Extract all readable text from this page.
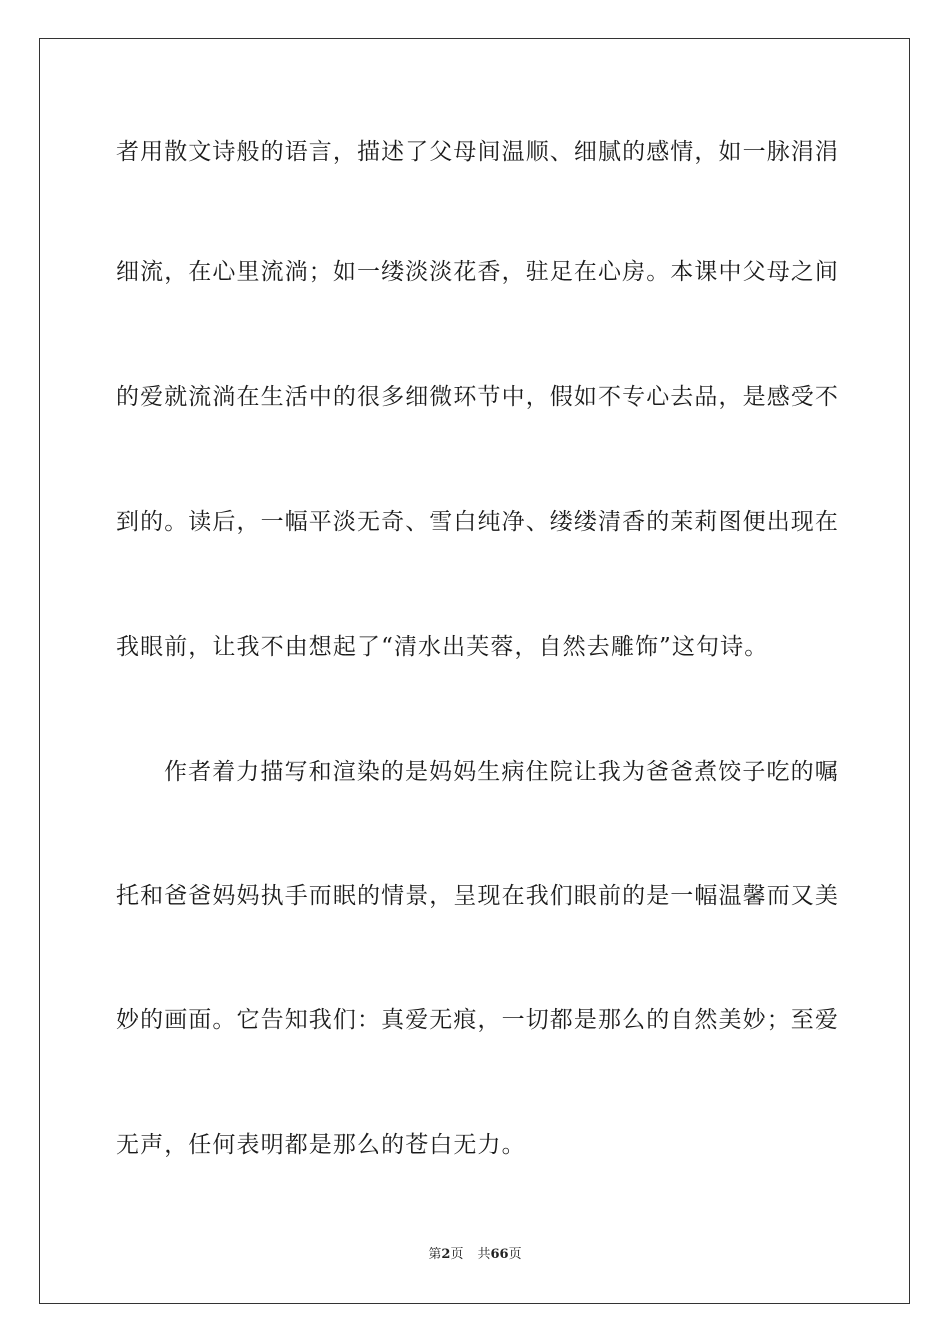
者用散文诗般的语言，描述了父母间温顺、细腻的感情，如一脉涓涓
细流，在心里流淌；如一缕淡淡花香，驻足在心房。本课中父母之间
的爱就流淌在生活中的很多细微环节中，假如不专心去品，是感受不
到的。读后，一幅平淡无奇、雪白纯净、缕缕清香的茉莉图便出现在
我眼前，让我不由想起了“清水出芙蓉，自然去雕饰”这句诗。
作者着力描写和渲染的是妈妈生病住院让我为爸爸煮饺子吃的嘱
托和爸爸妈妈执手而眠的情景，呈现在我们眼前的是一幅温馨而又美
妙的画面。它告知我们：真爱无痕，一切都是那么的自然美妙；至爱
无声，任何表明都是那么的苍白无力。
第2页 共66页
